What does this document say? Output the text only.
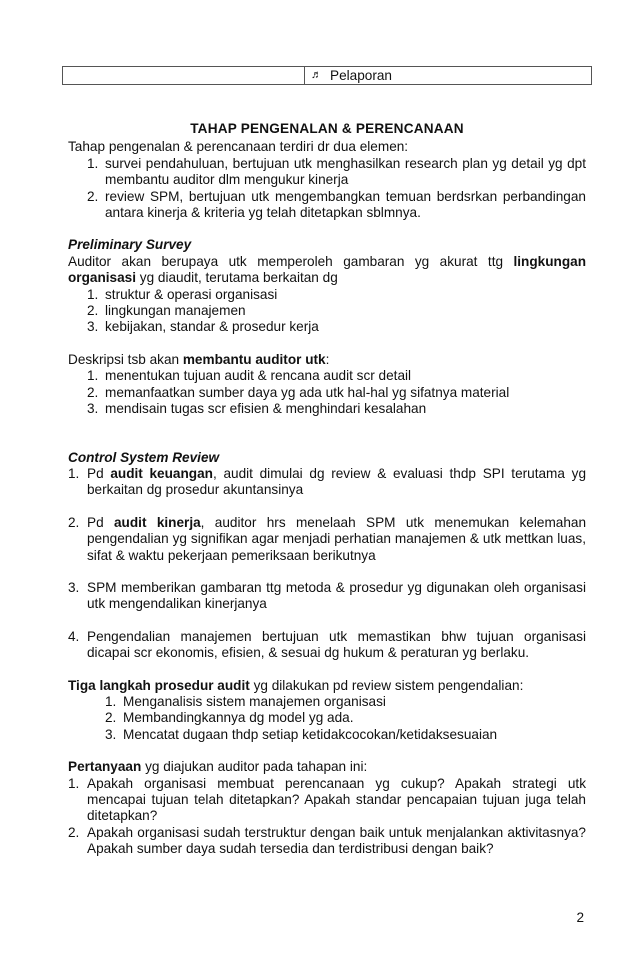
♬ Pelaporan

TAHAP PENGENALAN & PERENCANAAN

Tahap pengenalan & perencanaan terdiri dr dua elemen:

1. survei pendahuluan, bertujuan utk menghasilkan research plan yg detail yg dpt membantu auditor dlm mengukur kinerja
2. review SPM, bertujuan utk mengembangkan temuan berdsrkan perbandingan antara kinerja & kriteria yg telah ditetapkan sblmnya.

Preliminary Survey

Auditor akan berupaya utk memperoleh gambaran yg akurat ttg lingkungan organisasi yg diaudit, terutama berkaitan dg

1. struktur & operasi organisasi
2. lingkungan manajemen
3. kebijakan, standar & prosedur kerja

Deskripsi tsb akan membantu auditor utk:

1. menentukan tujuan audit & rencana audit scr detail
2. memanfaatkan sumber daya yg ada utk hal-hal yg sifatnya material
3. mendisain tugas scr efisien & menghindari kesalahan

Control System Review

1. Pd audit keuangan, audit dimulai dg review & evaluasi thdp SPI terutama yg berkaitan dg prosedur akuntansinya
2. Pd audit kinerja, auditor hrs menelaah SPM utk menemukan kelemahan pengendalian yg signifikan agar menjadi perhatian manajemen & utk mettkan luas, sifat & waktu pekerjaan pemeriksaan berikutnya
3. SPM memberikan gambaran ttg metoda & prosedur yg digunakan oleh organisasi utk mengendalikan kinerjanya
4. Pengendalian manajemen bertujuan utk memastikan bhw tujuan organisasi dicapai scr ekonomis, efisien, & sesuai dg hukum & peraturan yg berlaku.

Tiga langkah prosedur audit yg dilakukan pd review sistem pengendalian:

1. Menganalisis sistem manajemen organisasi
2. Membandingkannya dg model yg ada.
3. Mencatat dugaan thdp setiap ketidakcocokan/ketidaksesuaian

Pertanyaan yg diajukan auditor pada tahapan ini:

1. Apakah organisasi membuat perencanaan yg cukup? Apakah strategi utk mencapai tujuan telah ditetapkan? Apakah standar pencapaian tujuan juga telah ditetapkan?
2. Apakah organisasi sudah terstruktur dengan baik untuk menjalankan aktivitasnya? Apakah sumber daya sudah tersedia dan terdistribusi dengan baik?
2
